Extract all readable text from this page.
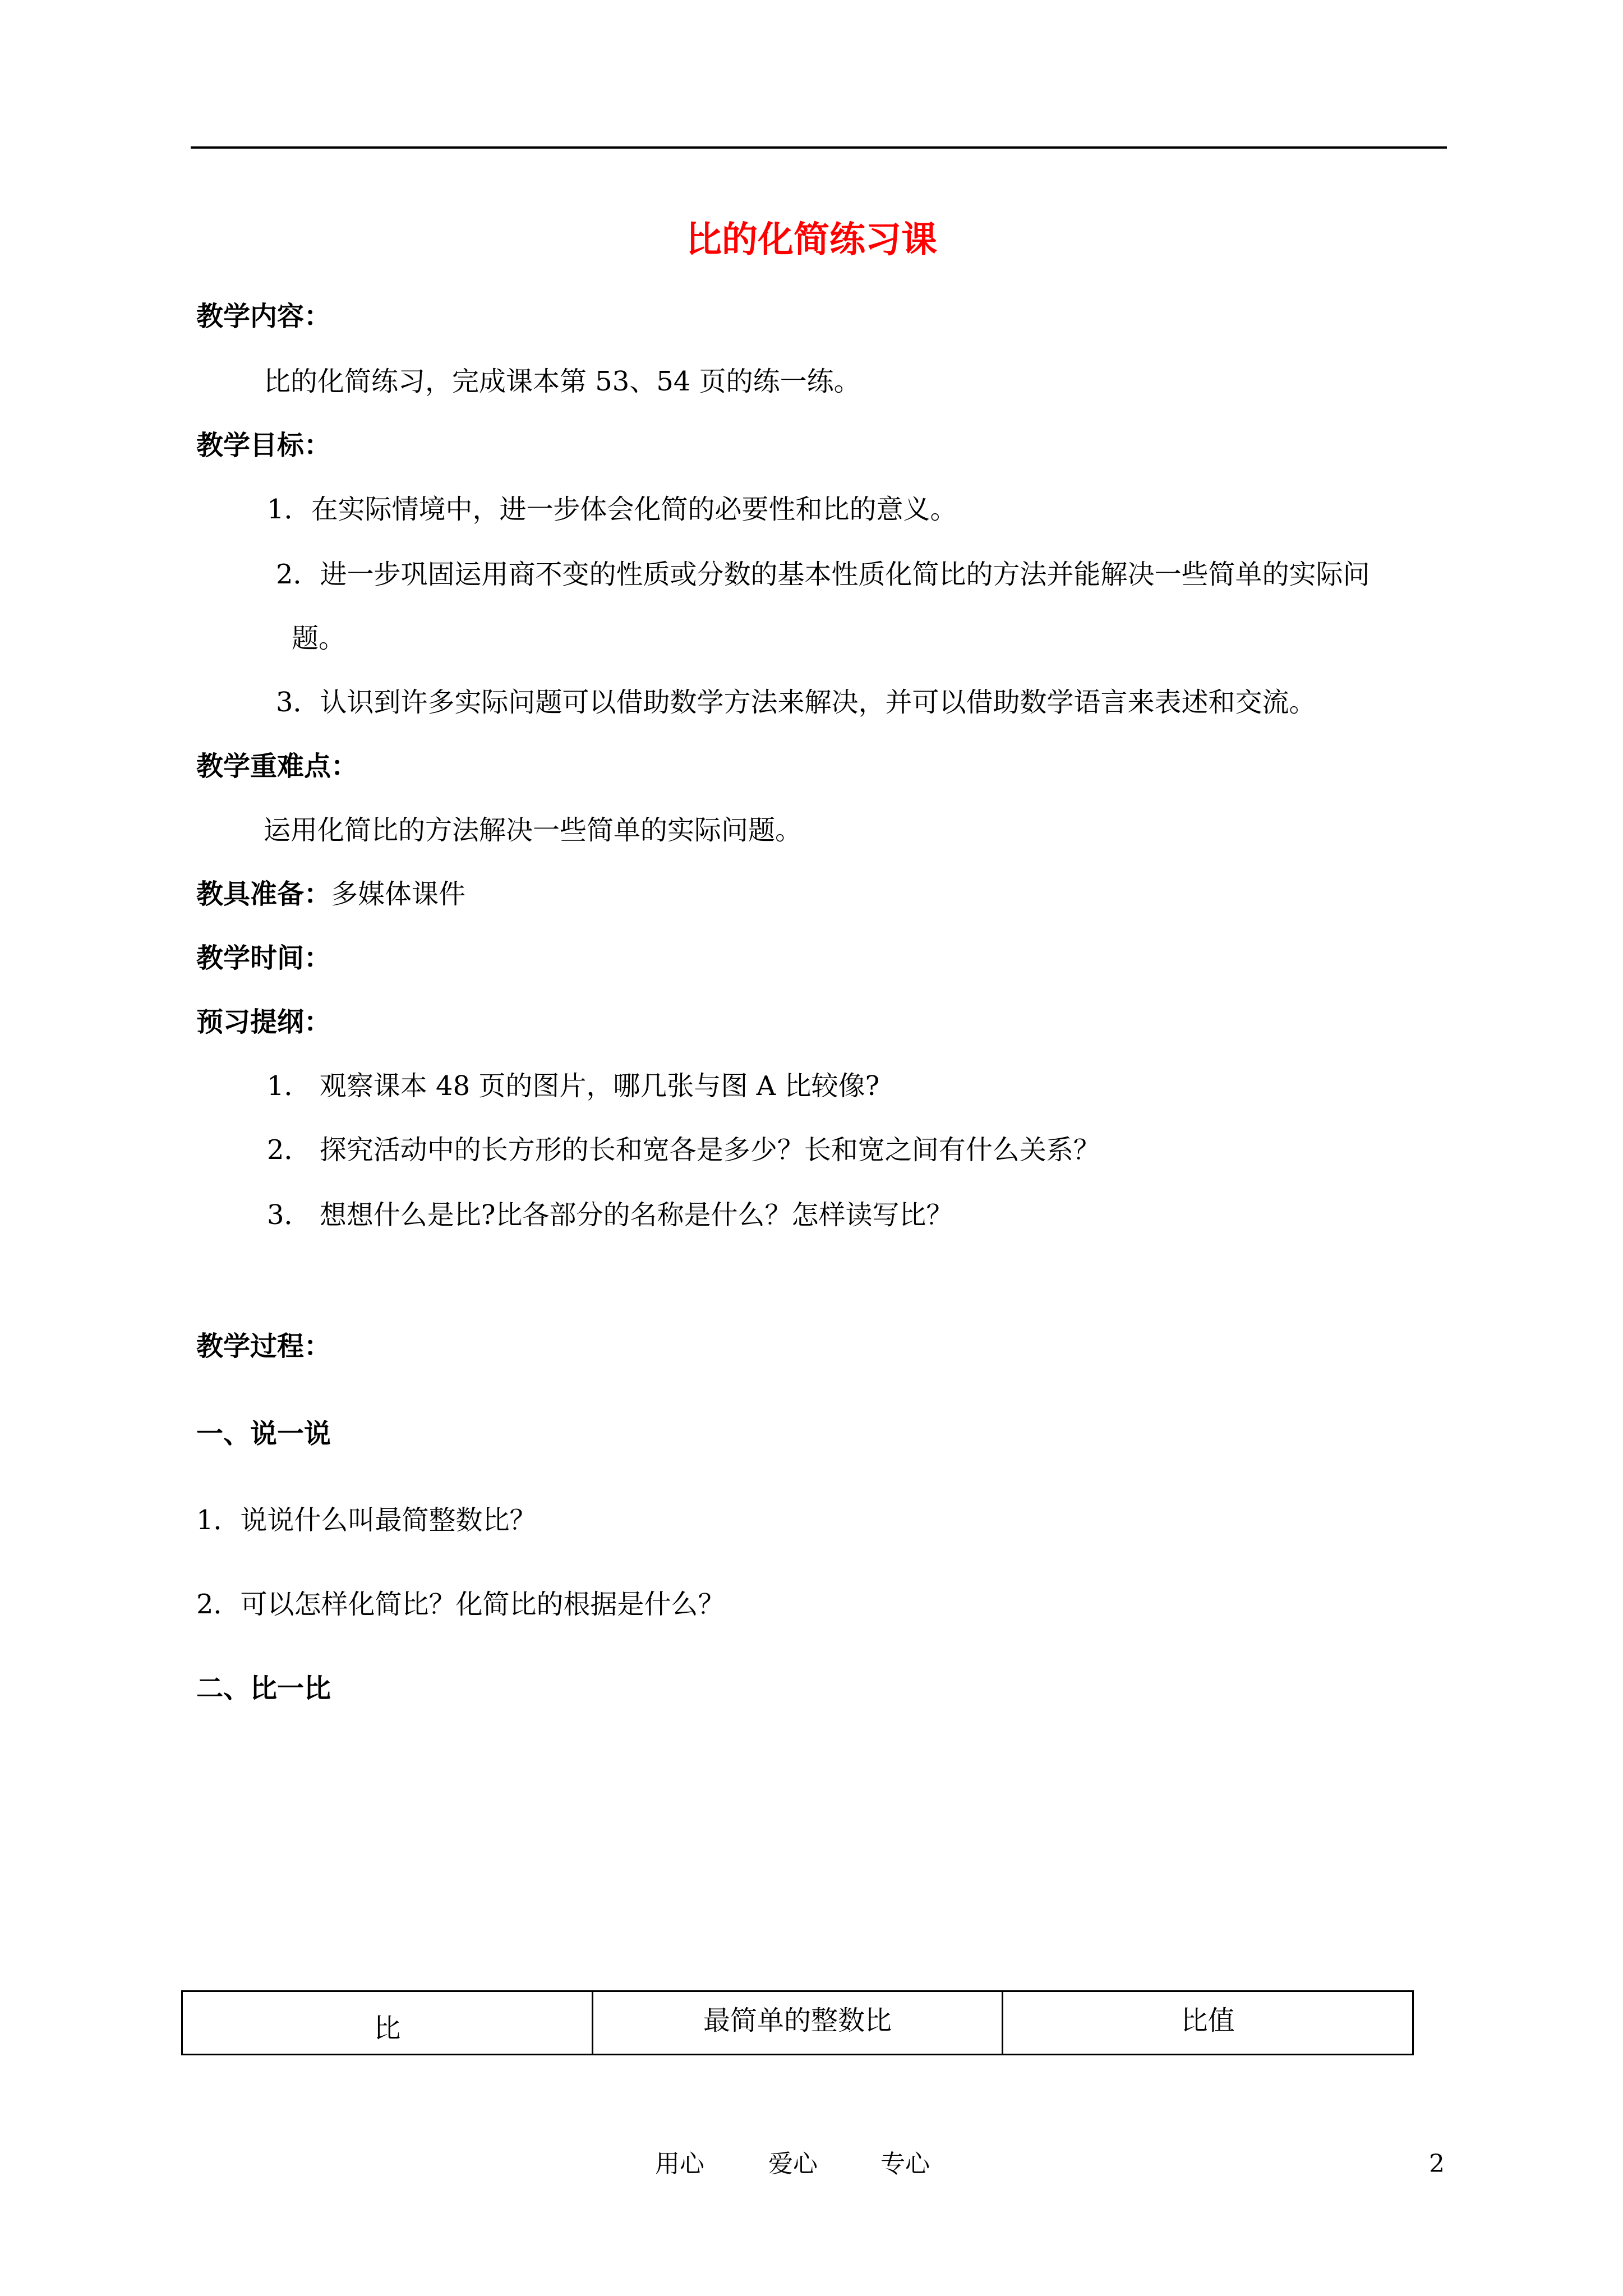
比的化简练习课
教学内容：
比的化简练习，完成课本第 53、54 页的练一练。
教学目标：
1．在实际情境中，进一步体会化简的必要性和比的意义。
2．进一步巩固运用商不变的性质或分数的基本性质化简比的方法并能解决一些简单的实际问
题。
3．认识到许多实际问题可以借助数学方法来解决，并可以借助数学语言来表述和交流。
教学重难点：
运用化简比的方法解决一些简单的实际问题。
教具准备：多媒体课件
教学时间：
预习提纲：
1． 观察课本 48 页的图片，哪几张与图 A 比较像?
2． 探究活动中的长方形的长和宽各是多少？长和宽之间有什么关系？
3． 想想什么是比?比各部分的名称是什么？怎样读写比？
教学过程：
一、说一说
1．说说什么叫最简整数比？
2．可以怎样化简比？化简比的根据是什么？
二、比一比
比	最简单的整数比	比值
用心	爱心	专心	2
